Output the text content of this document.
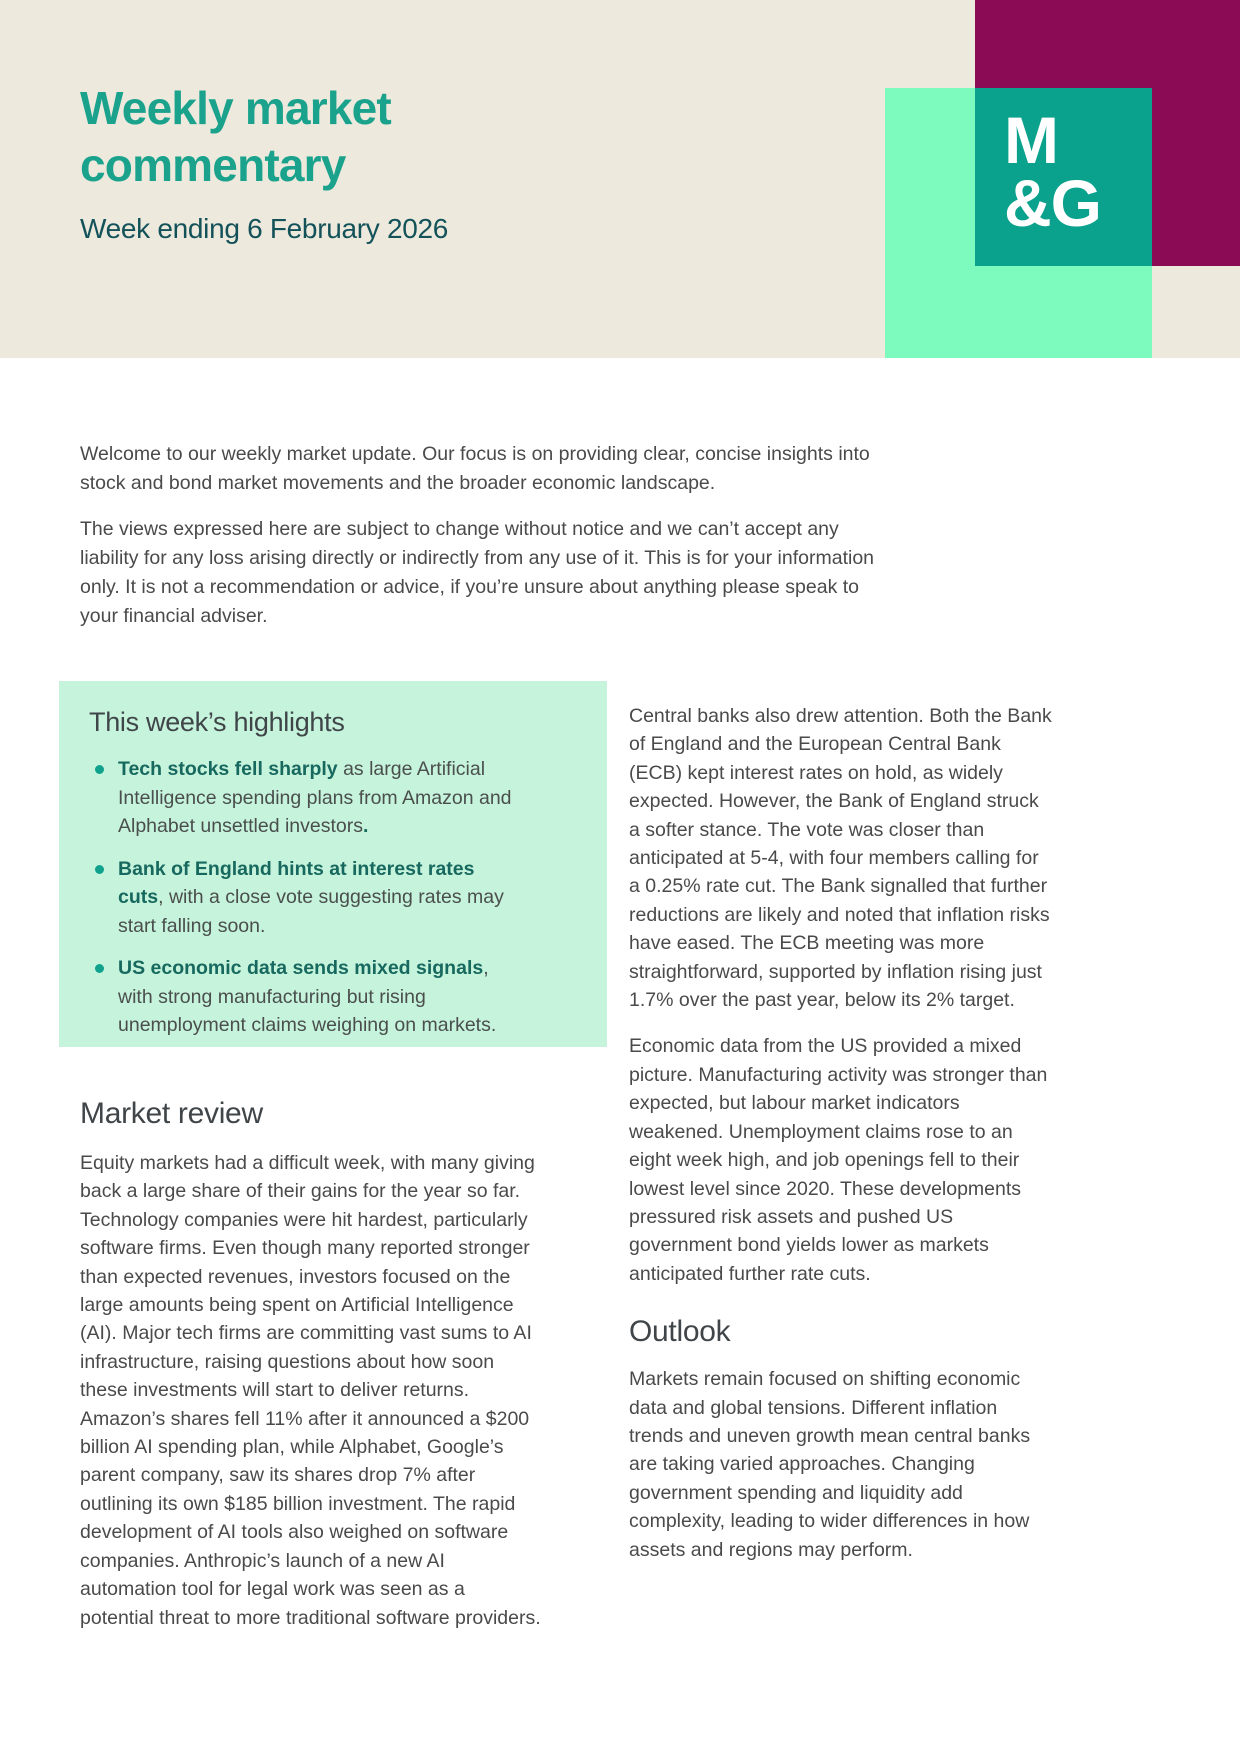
Weekly market
commentary
Week ending 6 February 2026
M
&G

Welcome to our weekly market update. Our focus is on providing clear, concise insights into stock and bond market movements and the broader economic landscape.

The views expressed here are subject to change without notice and we can’t accept any liability for any loss arising directly or indirectly from any use of it. This is for your information only. It is not a recommendation or advice, if you’re unsure about anything please speak to your financial adviser.

This week’s highlights
Tech stocks fell sharply as large Artificial Intelligence spending plans from Amazon and Alphabet unsettled investors.
Bank of England hints at interest rates cuts, with a close vote suggesting rates may start falling soon.
US economic data sends mixed signals, with strong manufacturing but rising unemployment claims weighing on markets.
Market review

Equity markets had a difficult week, with many giving back a large share of their gains for the year so far. Technology companies were hit hardest, particularly software firms. Even though many reported stronger than expected revenues, investors focused on the large amounts being spent on Artificial Intelligence (AI). Major tech firms are committing vast sums to AI infrastructure, raising questions about how soon these investments will start to deliver returns. Amazon’s shares fell 11% after it announced a $200 billion AI spending plan, while Alphabet, Google’s parent company, saw its shares drop 7% after outlining its own $185 billion investment. The rapid development of AI tools also weighed on software companies. Anthropic’s launch of a new AI automation tool for legal work was seen as a potential threat to more traditional software providers.

Central banks also drew attention. Both the Bank of England and the European Central Bank (ECB) kept interest rates on hold, as widely expected. However, the Bank of England struck a softer stance. The vote was closer than anticipated at 5-4, with four members calling for a 0.25% rate cut. The Bank signalled that further reductions are likely and noted that inflation risks have eased. The ECB meeting was more straightforward, supported by inflation rising just 1.7% over the past year, below its 2% target.

Economic data from the US provided a mixed picture. Manufacturing activity was stronger than expected, but labour market indicators weakened. Unemployment claims rose to an eight week high, and job openings fell to their lowest level since 2020. These developments pressured risk assets and pushed US government bond yields lower as markets anticipated further rate cuts.

Outlook

Markets remain focused on shifting economic data and global tensions. Different inflation trends and uneven growth mean central banks are taking varied approaches. Changing government spending and liquidity add complexity, leading to wider differences in how assets and regions may perform.
